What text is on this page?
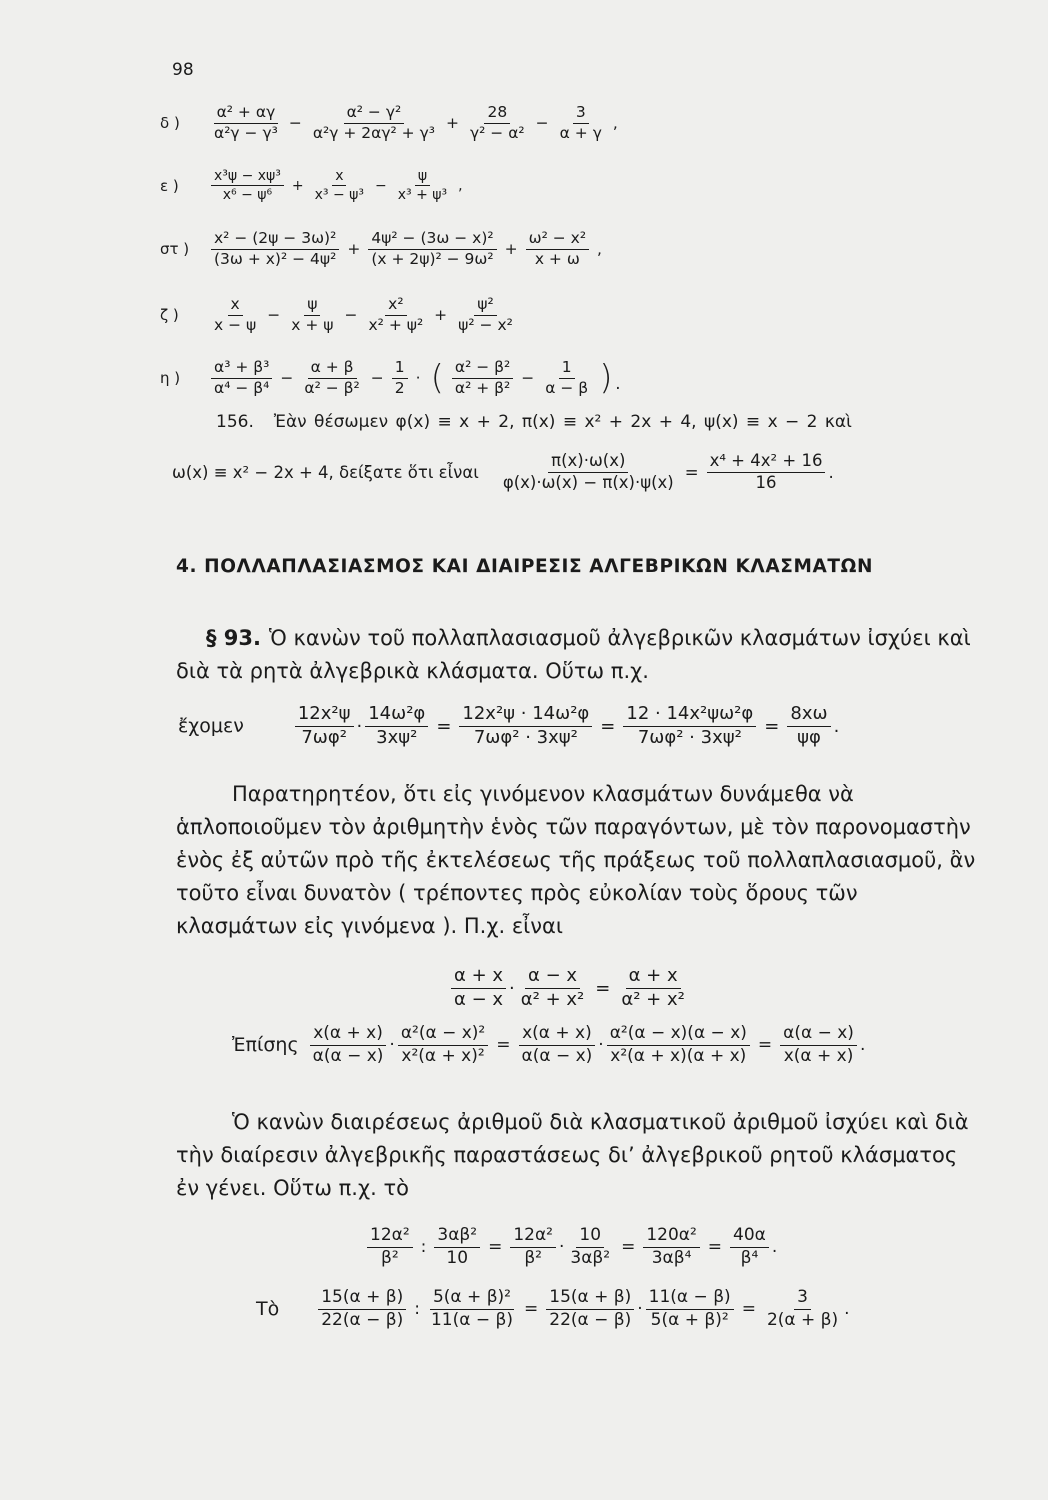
98
δ )	$\frac{\text{α² + αγ}}{\text{α²γ − γ³}} - \frac{\text{α² − γ²}}{\text{α²γ + 2αγ² + γ³}} + \frac{28}{\text{γ² − α²}} - \frac{3}{\alpha + \gamma}$ ,
ε )	$\frac{\text{x³ψ − xψ³}}{\text{x⁶ − ψ⁶}} + \frac{x}{\text{x³ − ψ³}} - \frac{\psi}{\text{x³ + ψ³}}$ ,
στ )	$\frac{\text{x² − (2ψ − 3ω)²}}{\text{(3ω + x)² − 4ψ²}} + \frac{\text{4ψ² − (3ω − x)²}}{\text{(x + 2ψ)² − 9ω²}} + \frac{\text{ω² − x²}}{x + \omega}$ ,
ζ )	$\frac{x}{x - \psi} - \frac{\psi}{x + \psi} - \frac{\text{x²}}{\text{x² + ψ²}} + \frac{\text{ψ²}}{\text{ψ² − x²}}$
η )	$\frac{\text{α³ + β³}}{\text{α⁴ − β⁴}} - \frac{\alpha + \beta}{\text{α² − β²}} - \frac{1}{2}$ · ( $\frac{\text{α² − β²}}{\text{α² + β²}} - \frac{1}{\alpha - \beta}$ ).
156. Ἐὰν θέσωμεν φ(x) ≡ x + 2, π(x) ≡ x² + 2x + 4, ψ(x) ≡ x − 2 καὶ
ω(x) ≡ x² − 2x + 4, δείξατε ὅτι εἶναι $\frac{\pi(x)\cdot\omega(x)}{\varphi(x)\cdot\omega(x) - \pi(x)\cdot\psi(x)} = \frac{\text{x⁴ + 4x² + 16}}{16}$ .
4. ΠΟΛΛΑΠΛΑΣΙΑΣΜΟΣ ΚΑΙ ΔΙΑΙΡΕΣΙΣ ΑΛΓΕΒΡΙΚΩΝ ΚΛΑΣΜΑΤΩΝ
§ 93. Ὁ κανὼν τοῦ πολλαπλασιασμοῦ ἀλγεβρικῶν κλασμάτων ἰσχύει καὶ διὰ τὰ ρητὰ ἀλγεβρικὰ κλάσματα. Οὕτω π.χ.
ἔχομεν	$\frac{\text{12x²ψ}}{\text{7ωφ²}} \cdot \frac{\text{14ω²φ}}{\text{3xψ²}} = \frac{\text{12x²ψ · 14ω²φ}}{\text{7ωφ² · 3xψ²}} = \frac{\text{12 · 14x²ψω²φ}}{\text{7ωφ² · 3xψ²}} = \frac{8x\omega}{\psi\varphi}$ .
Παρατηρητέον, ὅτι εἰς γινόμενον κλασμάτων δυνάμεθα νὰ ἁπλοποιοῦμεν τὸν ἀριθμητὴν ἑνὸς τῶν παραγόντων, μὲ τὸν παρονομαστὴν ἑνὸς ἐξ αὐτῶν πρὸ τῆς ἐκτελέσεως τῆς πράξεως τοῦ πολλαπλασιασμοῦ, ἂν τοῦτο εἶναι δυνατὸν ( τρέποντες πρὸς εὐκολίαν τοὺς ὅρους τῶν κλασμάτων εἰς γινόμενα ). Π.χ. εἶναι
$\frac{\alpha + x}{\alpha - x} \cdot \frac{\alpha - x}{\text{α² + x²}} = \frac{\alpha + x}{\text{α² + x²}}$
Ἐπίσης $\frac{x(\alpha + x)}{\alpha(\alpha - x)} \cdot \frac{\text{α²(α − x)²}}{\text{x²(α + x)²}} = \frac{x(\alpha + x)}{\alpha(\alpha - x)} \cdot \frac{\text{α²(α − x)(α − x)}}{\text{x²(α + x)(α + x)}} = \frac{\alpha(\alpha - x)}{x(\alpha + x)}$ .
Ὁ κανὼν διαιρέσεως ἀριθμοῦ διὰ κλασματικοῦ ἀριθμοῦ ἰσχύει καὶ διὰ τὴν διαίρεσιν ἀλγεβρικῆς παραστάσεως δι’ ἀλγεβρικοῦ ρητοῦ κλάσματος ἐν γένει. Οὕτω π.χ. τὸ
$\frac{\text{12α²}}{\text{β²}}$ : $\frac{\text{3αβ²}}{10} = \frac{\text{12α²}}{\text{β²}} \cdot \frac{10}{\text{3αβ²}} = \frac{\text{120α²}}{\text{3αβ⁴}} = \frac{40\alpha}{\text{β⁴}}$ .
Τὸ $\frac{15(\alpha + \beta)}{22(\alpha - \beta)}$ : $\frac{\text{5(α + β)²}}{11(\alpha - \beta)} = \frac{15(\alpha + \beta)}{22(\alpha - \beta)} \cdot \frac{11(\alpha - \beta)}{\text{5(α + β)²}} = \frac{3}{2(\alpha + \beta)}$ .
